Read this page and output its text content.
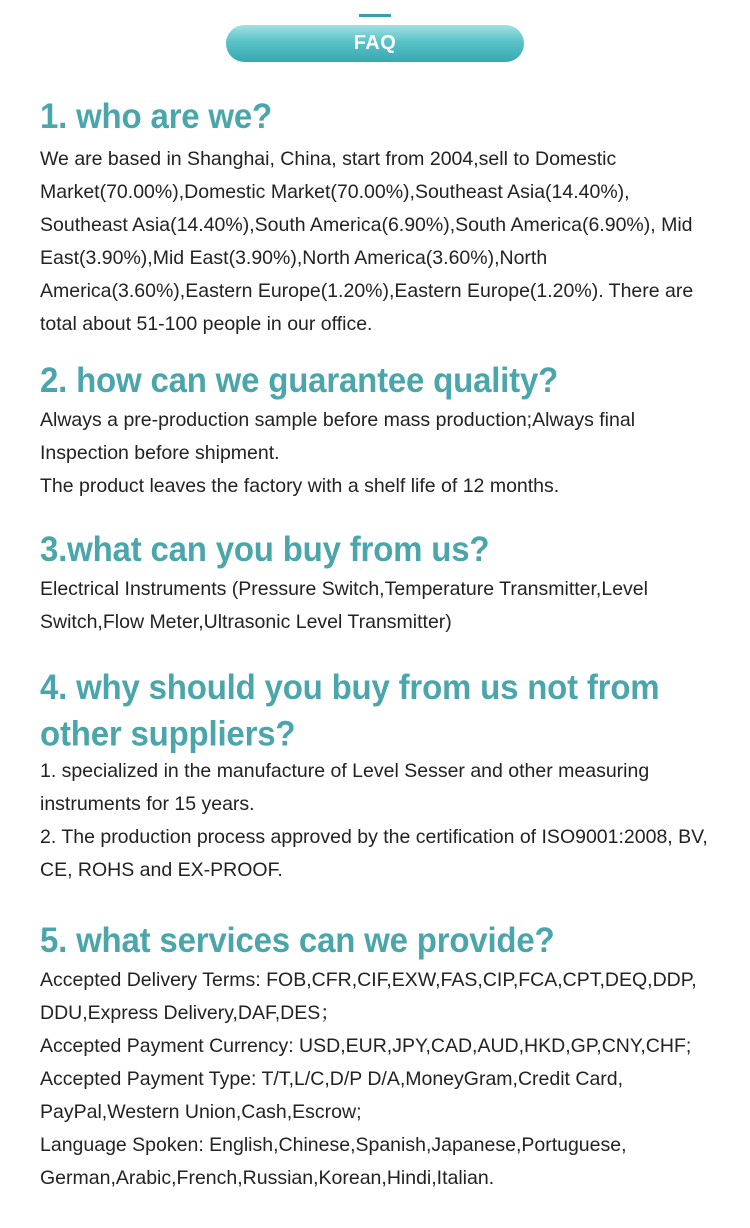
FAQ
1. who are we?

We are based in Shanghai, China, start from 2004,sell to Domestic Market(70.00%),Domestic Market(70.00%),Southeast Asia(14.40%), Southeast Asia(14.40%),South America(6.90%),South America(6.90%), Mid East(3.90%),Mid East(3.90%),North America(3.60%),North America(3.60%),Eastern Europe(1.20%),Eastern Europe(1.20%). There are total about 51-100 people in our office.

2. how can we guarantee quality?

Always a pre-production sample before mass production;Always final Inspection before shipment.

The product leaves the factory with a shelf life of 12 months.

3.what can you buy from us?

Electrical Instruments (Pressure Switch,Temperature Transmitter,Level Switch,Flow Meter,Ultrasonic Level Transmitter)

4. why should you buy from us not from other suppliers?

1. specialized in the manufacture of Level Sesser and other measuring instruments for 15 years.

2. The production process approved by the certification of ISO9001:2008, BV, CE, ROHS and EX-PROOF.

5. what services can we provide?

Accepted Delivery Terms: FOB,CFR,CIF,EXW,FAS,CIP,FCA,CPT,DEQ,DDP, DDU,Express Delivery,DAF,DES；

Accepted Payment Currency: USD,EUR,JPY,CAD,AUD,HKD,GP,CNY,CHF;

Accepted Payment Type: T/T,L/C,D/P D/A,MoneyGram,Credit Card, PayPal,Western Union,Cash,Escrow;

Language Spoken: English,Chinese,Spanish,Japanese,Portuguese, German,Arabic,French,Russian,Korean,Hindi,Italian.
